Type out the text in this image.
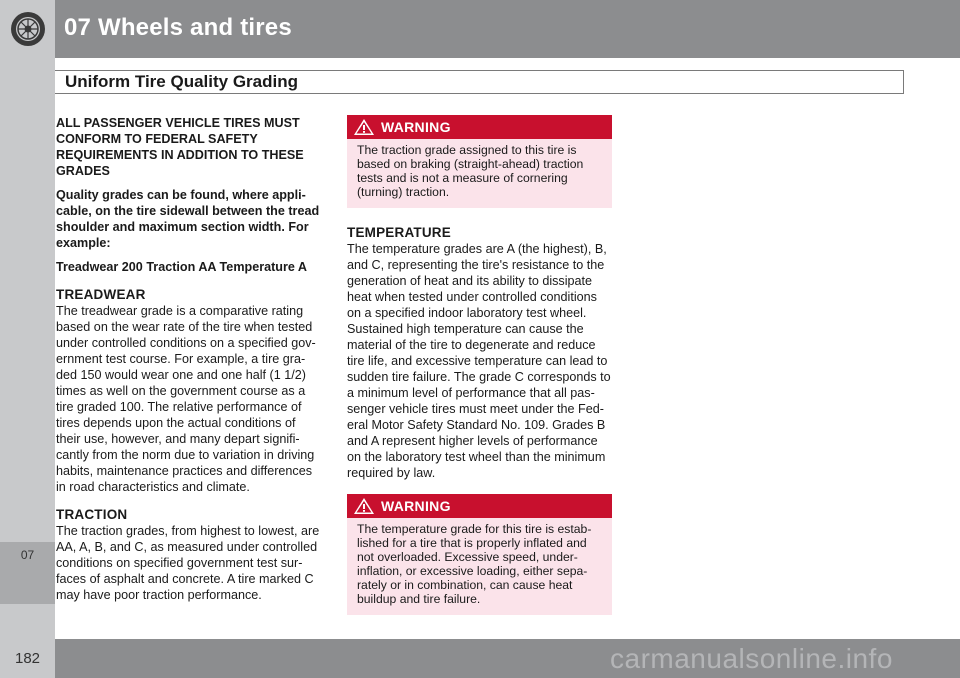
07 Wheels and tires
07
Uniform Tire Quality Grading

ALL PASSENGER VEHICLE TIRES MUST CONFORM TO FEDERAL SAFETY REQUIREMENTS IN ADDITION TO THESE GRADES

Quality grades can be found, where appli-cable, on the tire sidewall between the tread shoulder and maximum section width. For example:

Treadwear 200 Traction AA Temperature A

TREADWEAR

The treadwear grade is a comparative rating based on the wear rate of the tire when tested under controlled conditions on a specified gov-ernment test course. For example, a tire gra-ded 150 would wear one and one half (1 1/2) times as well on the government course as a tire graded 100. The relative performance of tires depends upon the actual conditions of their use, however, and many depart signifi-cantly from the norm due to variation in driving habits, maintenance practices and differences in road characteristics and climate.

TRACTION

The traction grades, from highest to lowest, are AA, A, B, and C, as measured under controlled conditions on specified government test sur-faces of asphalt and concrete. A tire marked C may have poor traction performance.

WARNING
The traction grade assigned to this tire is based on braking (straight-ahead) traction tests and is not a measure of cornering (turning) traction.
TEMPERATURE

The temperature grades are A (the highest), B, and C, representing the tire's resistance to the generation of heat and its ability to dissipate heat when tested under controlled conditions on a specified indoor laboratory test wheel. Sustained high temperature can cause the material of the tire to degenerate and reduce tire life, and excessive temperature can lead to sudden tire failure. The grade C corresponds to a minimum level of performance that all pas-senger vehicle tires must meet under the Fed-eral Motor Safety Standard No. 109. Grades B and A represent higher levels of performance on the laboratory test wheel than the minimum required by law.

WARNING
The temperature grade for this tire is estab-lished for a tire that is properly inflated and not overloaded. Excessive speed, under-inflation, or excessive loading, either sepa-rately or in combination, can cause heat buildup and tire failure.
182	carmanualsonline.info
